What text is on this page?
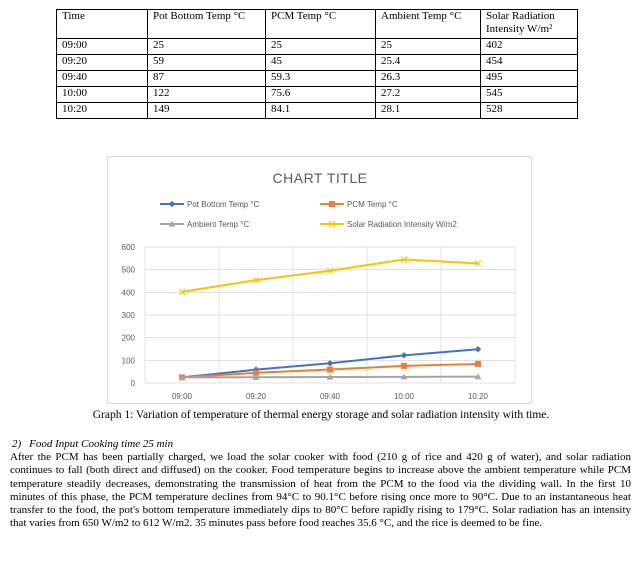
Time	Pot Bottom Temp °C	PCM Temp °C	Ambient Temp °C	Solar Radiation Intensity $W/m^2$
09:00	25	25	25	402
09:20	59	45	25.4	454
09:40	87	59.3	26.3	495
10:00	122	75.6	27.2	545
10:20	149	84.1	28.1	528
CHART TITLE
Pot Bottom Temp °C	PCM Temp °C
Ambient Temp °C	Solar Radiation Intensity W/m2
0
100
200
300
400
500
600
09:00	09:20	09:40	10:00	10:20
Graph 1: Variation of temperature of thermal energy storage and solar radiation intensity with time.

2) Food Input Cooking time 25 min

After the PCM has been partially charged, we load the solar cooker with food (210 g of rice and 420 g of water), and solar radiation continues to fall (both direct and diffused) on the cooker. Food temperature begins to increase above the ambient temperature while PCM temperature steadily decreases, demonstrating the transmission of heat from the PCM to the food via the dividing wall. In the first 10 minutes of this phase, the PCM temperature declines from 94°C to 90.1°C before rising once more to 90°C. Due to an instantaneous heat transfer to the food, the pot's bottom temperature immediately dips to 80°C before rapidly rising to 179°C. Solar radiation has an intensity that varies from 650 W/m2 to 612 W/m2. 35 minutes pass before food reaches 35.6 °C, and the rice is deemed to be fine.
